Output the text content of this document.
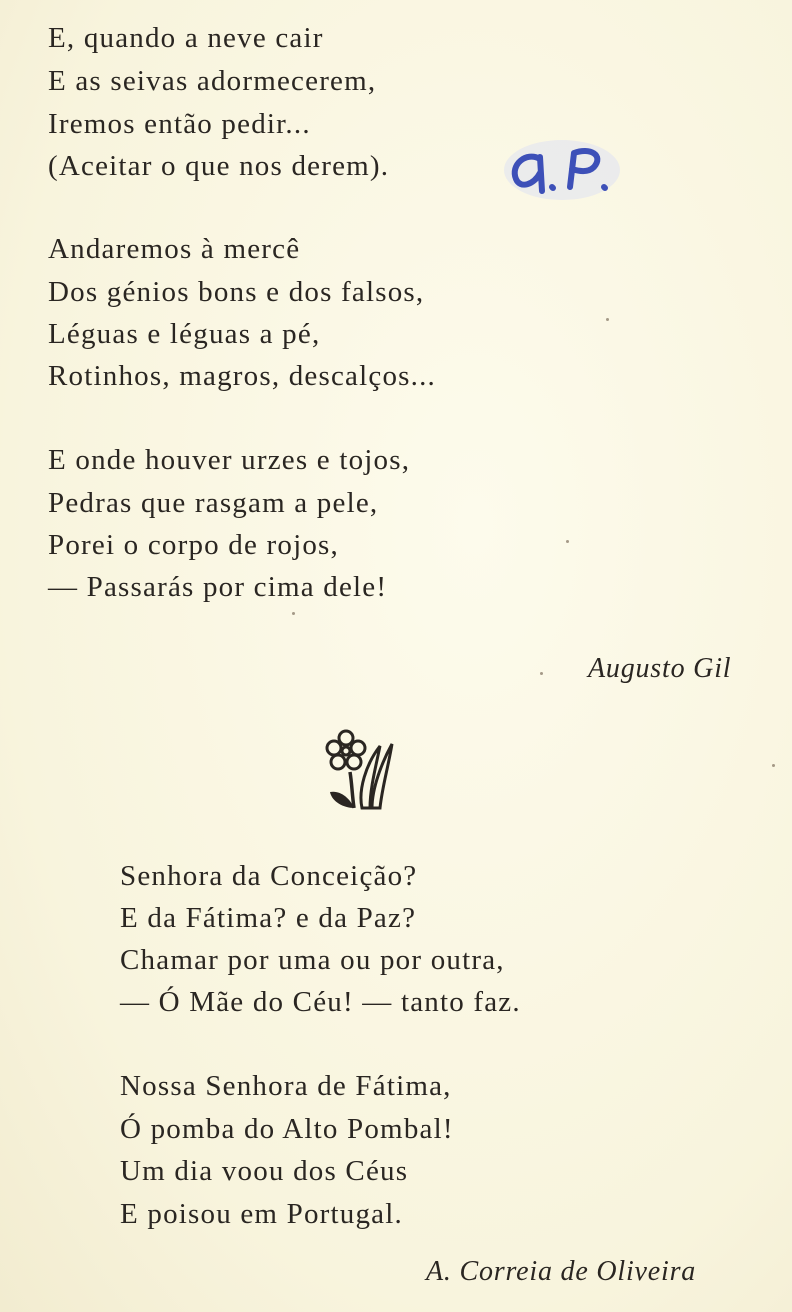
E, quando a neve cair
E as seivas adormecerem,
Iremos então pedir...
(Aceitar o que nos derem).
Andaremos à mercê
Dos génios bons e dos falsos,
Léguas e léguas a pé,
Rotinhos, magros, descalços...
E onde houver urzes e tojos,
Pedras que rasgam a pele,
Porei o corpo de rojos,
— Passarás por cima dele!
Augusto Gil
Senhora da Conceição?
E da Fátima? e da Paz?
Chamar por uma ou por outra,
— Ó Mãe do Céu! — tanto faz.
Nossa Senhora de Fátima,
Ó pomba do Alto Pombal!
Um dia voou dos Céus
E poisou em Portugal.
A. Correia de Oliveira
